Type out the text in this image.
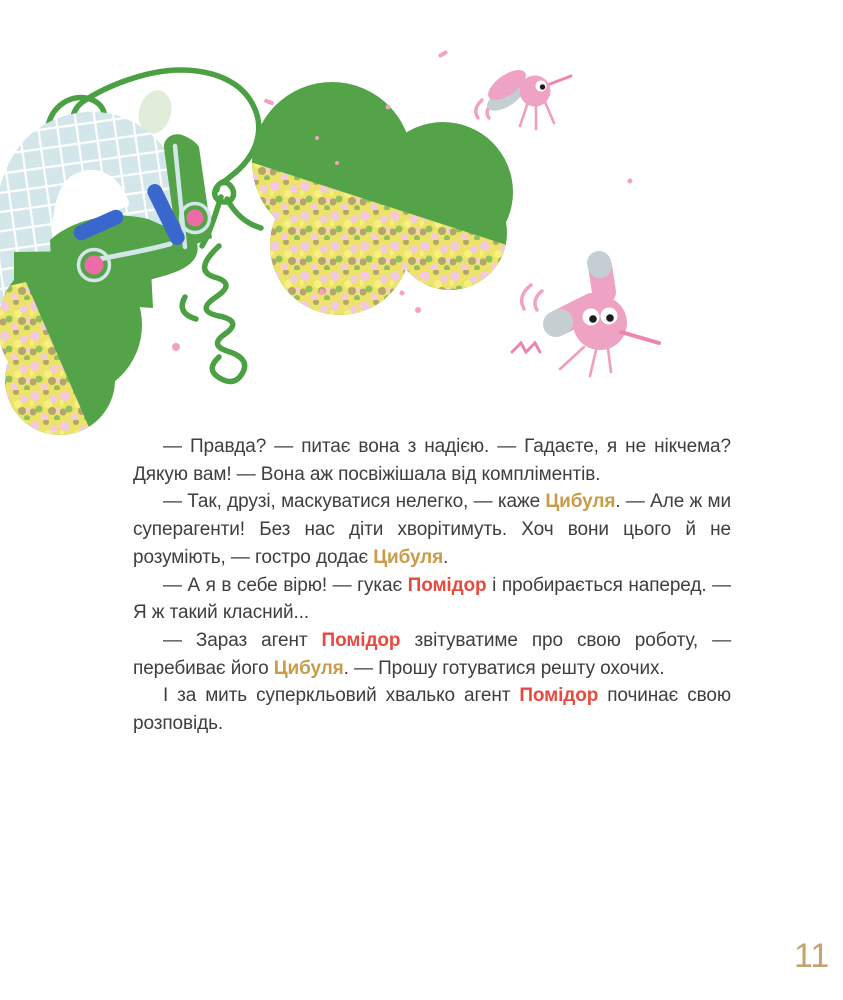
— Правда? — питає вона з надією. — Гадаєте, я не нікчема? Дякую вам! — Вона аж посвіжішала від компліментів.

— Так, друзі, маскуватися нелегко, — каже Цибуля. — Але ж ми суперагенти! Без нас діти хворітимуть. Хоч вони цього й не розуміють, — гостро додає Цибуля.

— А я в себе вірю! — гукає Помідор і пробирається наперед. — Я ж такий класний...

— Зараз агент Помідор звітуватиме про свою роботу, — перебиває його Цибуля. — Прошу готуватися решту охочих.

І за мить суперкльовий хвалько агент Помідор починає свою розповідь.

11
